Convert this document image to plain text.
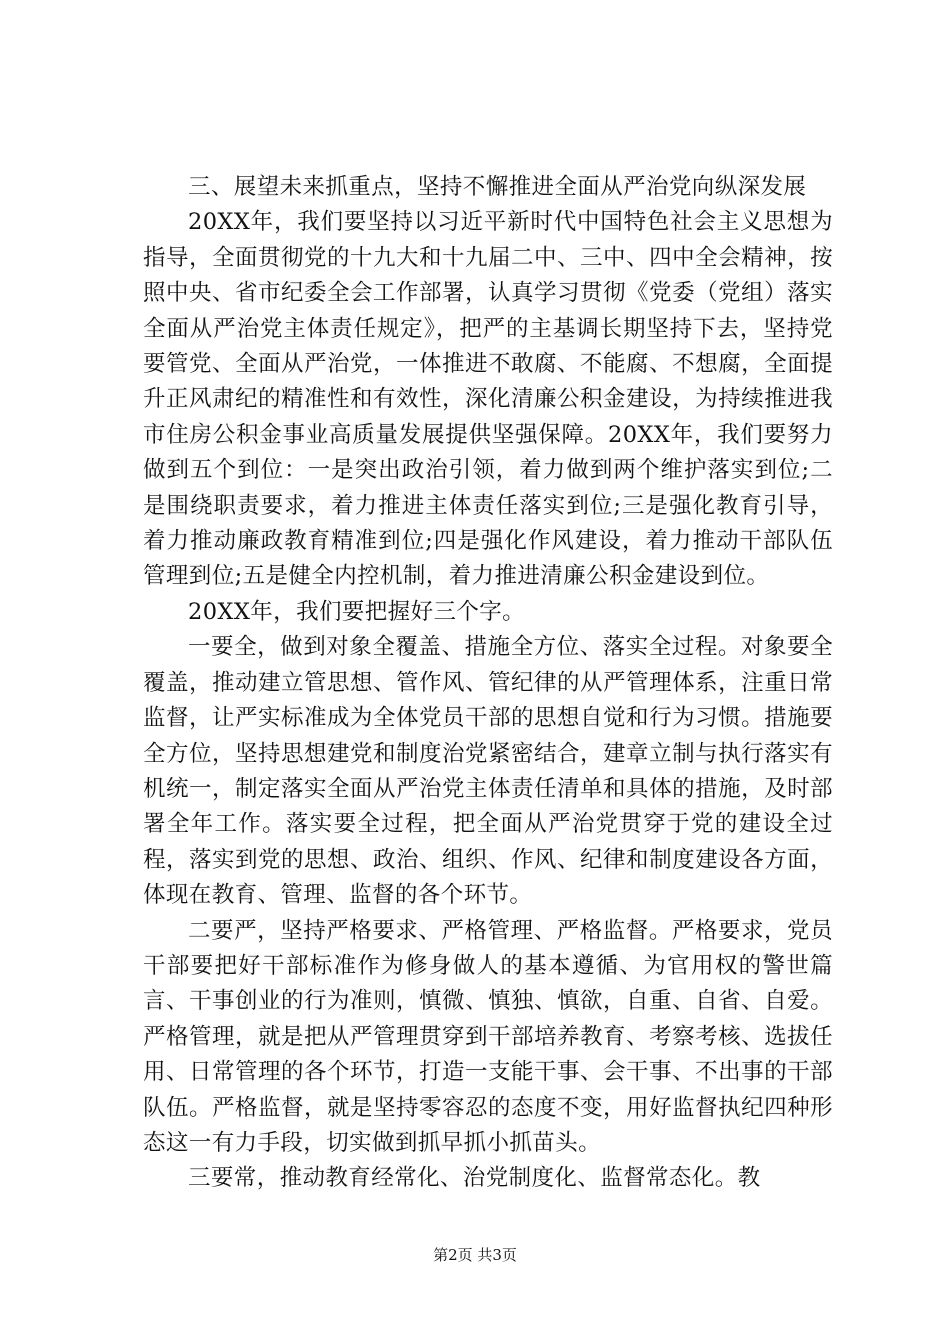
三、展望未来抓重点，坚持不懈推进全面从严治党向纵深发展

20XX年，我们要坚持以习近平新时代中国特色社会主义思想为指导，全面贯彻党的十九大和十九届二中、三中、四中全会精神，按照中央、省市纪委全会工作部署，认真学习贯彻《党委（党组）落实全面从严治党主体责任规定》，把严的主基调长期坚持下去，坚持党要管党、全面从严治党，一体推进不敢腐、不能腐、不想腐，全面提升正风肃纪的精准性和有效性，深化清廉公积金建设，为持续推进我市住房公积金事业高质量发展提供坚强保障。20XX年，我们要努力做到五个到位：一是突出政治引领，着力做到两个维护落实到位;二是围绕职责要求，着力推进主体责任落实到位;三是强化教育引导，着力推动廉政教育精准到位;四是强化作风建设，着力推动干部队伍管理到位;五是健全内控机制，着力推进清廉公积金建设到位。

20XX年，我们要把握好三个字。

一要全，做到对象全覆盖、措施全方位、落实全过程。对象要全覆盖，推动建立管思想、管作风、管纪律的从严管理体系，注重日常监督，让严实标准成为全体党员干部的思想自觉和行为习惯。措施要全方位，坚持思想建党和制度治党紧密结合，建章立制与执行落实有机统一，制定落实全面从严治党主体责任清单和具体的措施，及时部署全年工作。落实要全过程，把全面从严治党贯穿于党的建设全过程，落实到党的思想、政治、组织、作风、纪律和制度建设各方面，体现在教育、管理、监督的各个环节。

二要严，坚持严格要求、严格管理、严格监督。严格要求，党员干部要把好干部标准作为修身做人的基本遵循、为官用权的警世篇言、干事创业的行为准则，慎微、慎独、慎欲，自重、自省、自爱。严格管理，就是把从严管理贯穿到干部培养教育、考察考核、选拔任用、日常管理的各个环节，打造一支能干事、会干事、不出事的干部队伍。严格监督，就是坚持零容忍的态度不变，用好监督执纪四种形态这一有力手段，切实做到抓早抓小抓苗头。

三要常，推动教育经常化、治党制度化、监督常态化。教

第2页 共3页
